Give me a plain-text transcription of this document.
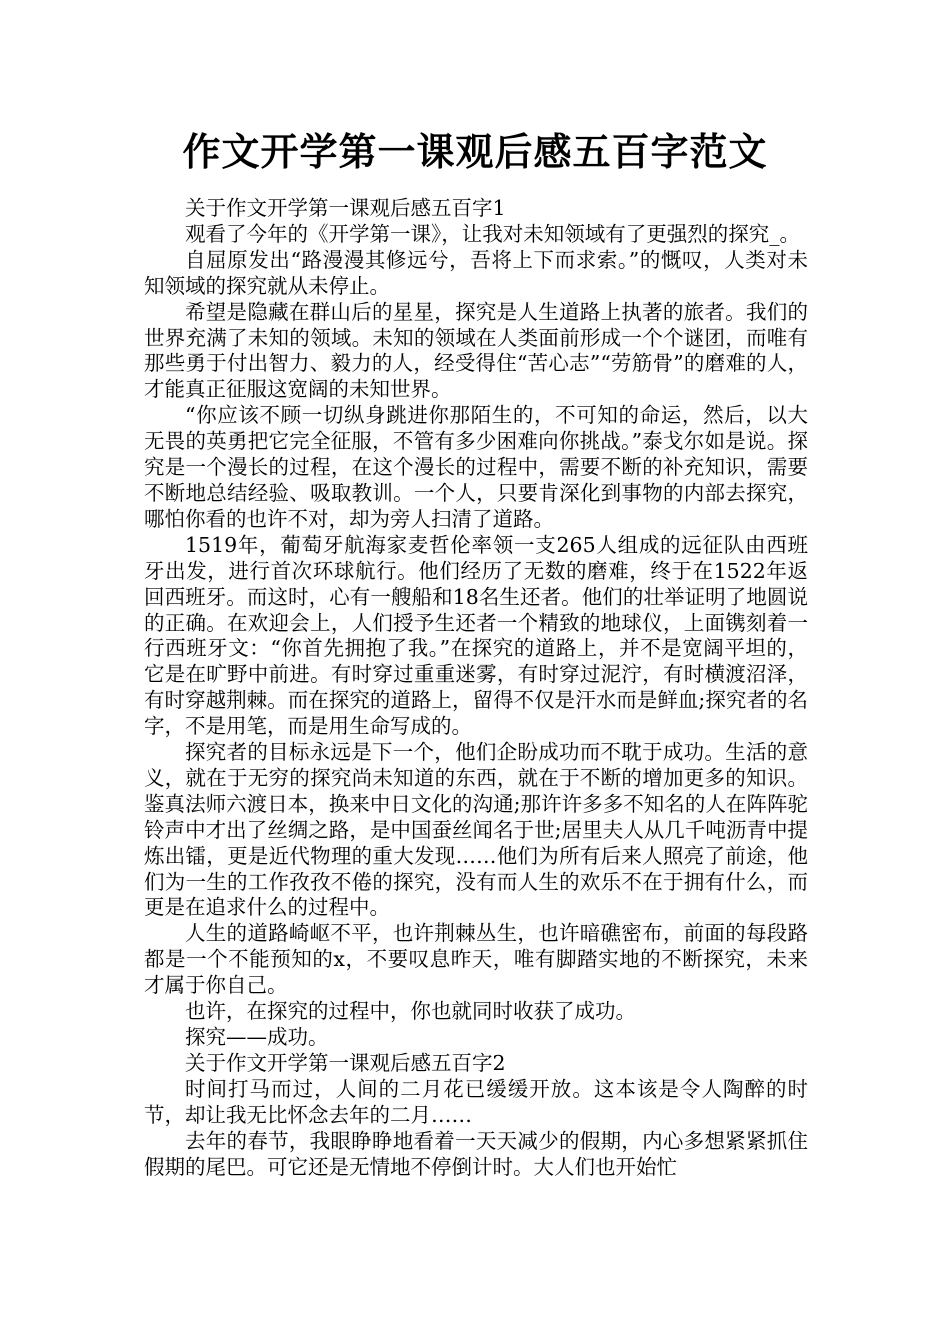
作文开学第一课观后感五百字范文

关于作文开学第一课观后感五百字1

观看了今年的《开学第一课》，让我对未知领域有了更强烈的探究_。

自屈原发出“路漫漫其修远兮，吾将上下而求索。”的慨叹，人类对未知领域的探究就从未停止。

希望是隐藏在群山后的星星，探究是人生道路上执著的旅者。我们的世界充满了未知的领域。未知的领域在人类面前形成一个个谜团，而唯有那些勇于付出智力、毅力的人，经受得住“苦心志”“劳筋骨”的磨难的人，才能真正征服这宽阔的未知世界。

“你应该不顾一切纵身跳进你那陌生的，不可知的命运，然后，以大无畏的英勇把它完全征服，不管有多少困难向你挑战。”泰戈尔如是说。探究是一个漫长的过程，在这个漫长的过程中，需要不断的补充知识，需要不断地总结经验、吸取教训。一个人，只要肯深化到事物的内部去探究，哪怕你看的也许不对，却为旁人扫清了道路。

1519年，葡萄牙航海家麦哲伦率领一支265人组成的远征队由西班牙出发，进行首次环球航行。他们经历了无数的磨难，终于在1522年返回西班牙。而这时，心有一艘船和18名生还者。他们的壮举证明了地圆说的正确。在欢迎会上，人们授予生还者一个精致的地球仪，上面镌刻着一行西班牙文：“你首先拥抱了我。”在探究的道路上，并不是宽阔平坦的，它是在旷野中前进。有时穿过重重迷雾，有时穿过泥泞，有时横渡沼泽，有时穿越荆棘。而在探究的道路上，留得不仅是汗水而是鲜血;探究者的名字，不是用笔，而是用生命写成的。

探究者的目标永远是下一个，他们企盼成功而不耽于成功。生活的意义，就在于无穷的探究尚未知道的东西，就在于不断的增加更多的知识。鉴真法师六渡日本，换来中日文化的沟通;那许许多多不知名的人在阵阵驼铃声中才出了丝绸之路，是中国蚕丝闻名于世;居里夫人从几千吨沥青中提炼出镭，更是近代物理的重大发现……他们为所有后来人照亮了前途，他们为一生的工作孜孜不倦的探究，没有而人生的欢乐不在于拥有什么，而更是在追求什么的过程中。

人生的道路崎岖不平，也许荆棘丛生，也许暗礁密布，前面的每段路都是一个不能预知的x，不要叹息昨天，唯有脚踏实地的不断探究，未来才属于你自己。

也许，在探究的过程中，你也就同时收获了成功。

探究——成功。

关于作文开学第一课观后感五百字2

时间打马而过，人间的二月花已缓缓开放。这本该是令人陶醉的时节，却让我无比怀念去年的二月……

去年的春节，我眼睁睁地看着一天天减少的假期，内心多想紧紧抓住假期的尾巴。可它还是无情地不停倒计时。大人们也开始忙
